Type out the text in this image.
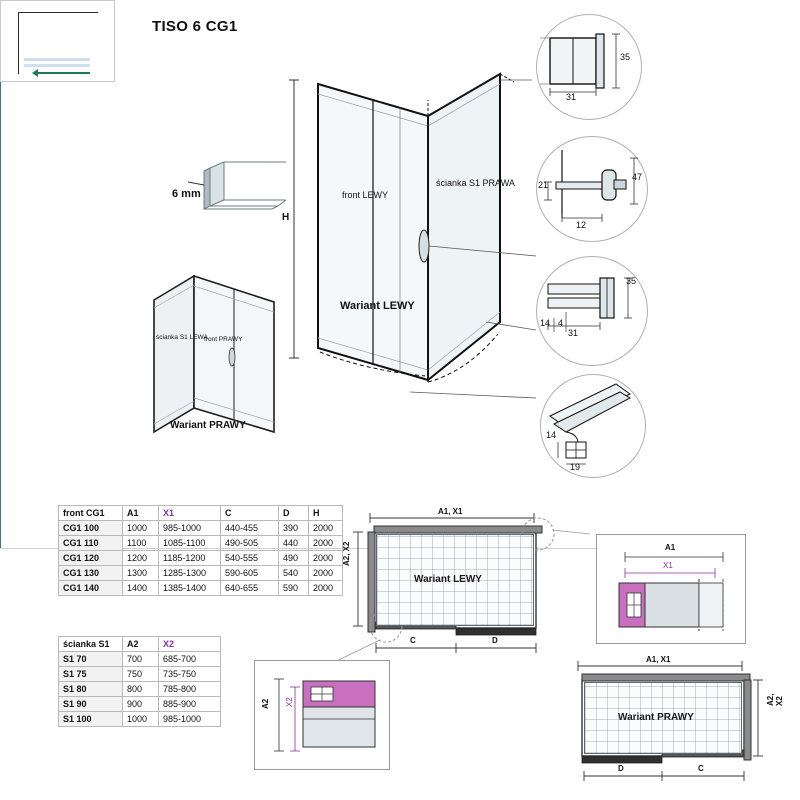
TISO 6 CG1
6 mm
ścianka S1 LEWA
front PRAWY
Wariant PRAWY
front LEWY
ścianka S1 PRAWA
Wariant LEWY
H
31
35
21
47
12
14 4
35
31
14
19
front CG1	A1	X1	C	D	H
CG1 100	1000	985-1000	440-455	390	2000
CG1 110	1100	1085-1100	490-505	440	2000
CG1 120	1200	1185-1200	540-555	490	2000
CG1 130	1300	1285-1300	590-605	540	2000
CG1 140	1400	1385-1400	640-655	590	2000
ścianka S1	A2	X2
S1 70	700	685-700
S1 75	750	735-750
S1 80	800	785-800
S1 90	900	885-900
S1 100	1000	985-1000
Wariant LEWY
A1, X1
A2, X2
C	D
A1
X1
A2 X2
Wariant PRAWY
A1, X1
A2, X2
D	C
